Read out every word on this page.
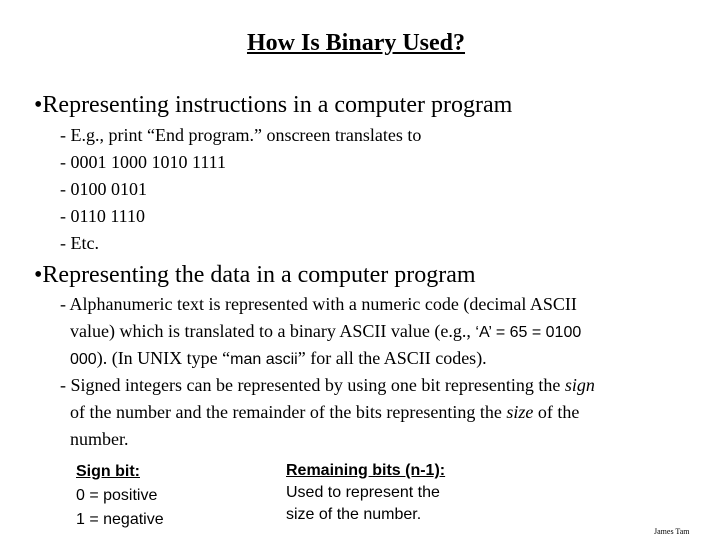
How Is Binary Used?
•Representing instructions in a computer program
- E.g., print “End program.” onscreen translates to
- 0001 1000 1010 1111
- 0100 0101
- 0110 1110
- Etc.
•Representing the data in a computer program
- Alphanumeric text is represented with a numeric code (decimal ASCII
value) which is translated to a binary ASCII value (e.g., ‘A’ = 65 = 0100
000). (In UNIX type “man ascii” for all the ASCII codes).
- Signed integers can be represented by using one bit representing the sign
of the number and the remainder of the bits representing the size of the
number.
Sign bit:
0 = positive
1 = negative
Remaining bits (n-1):
Used to represent the
size of the number.
James Tam
